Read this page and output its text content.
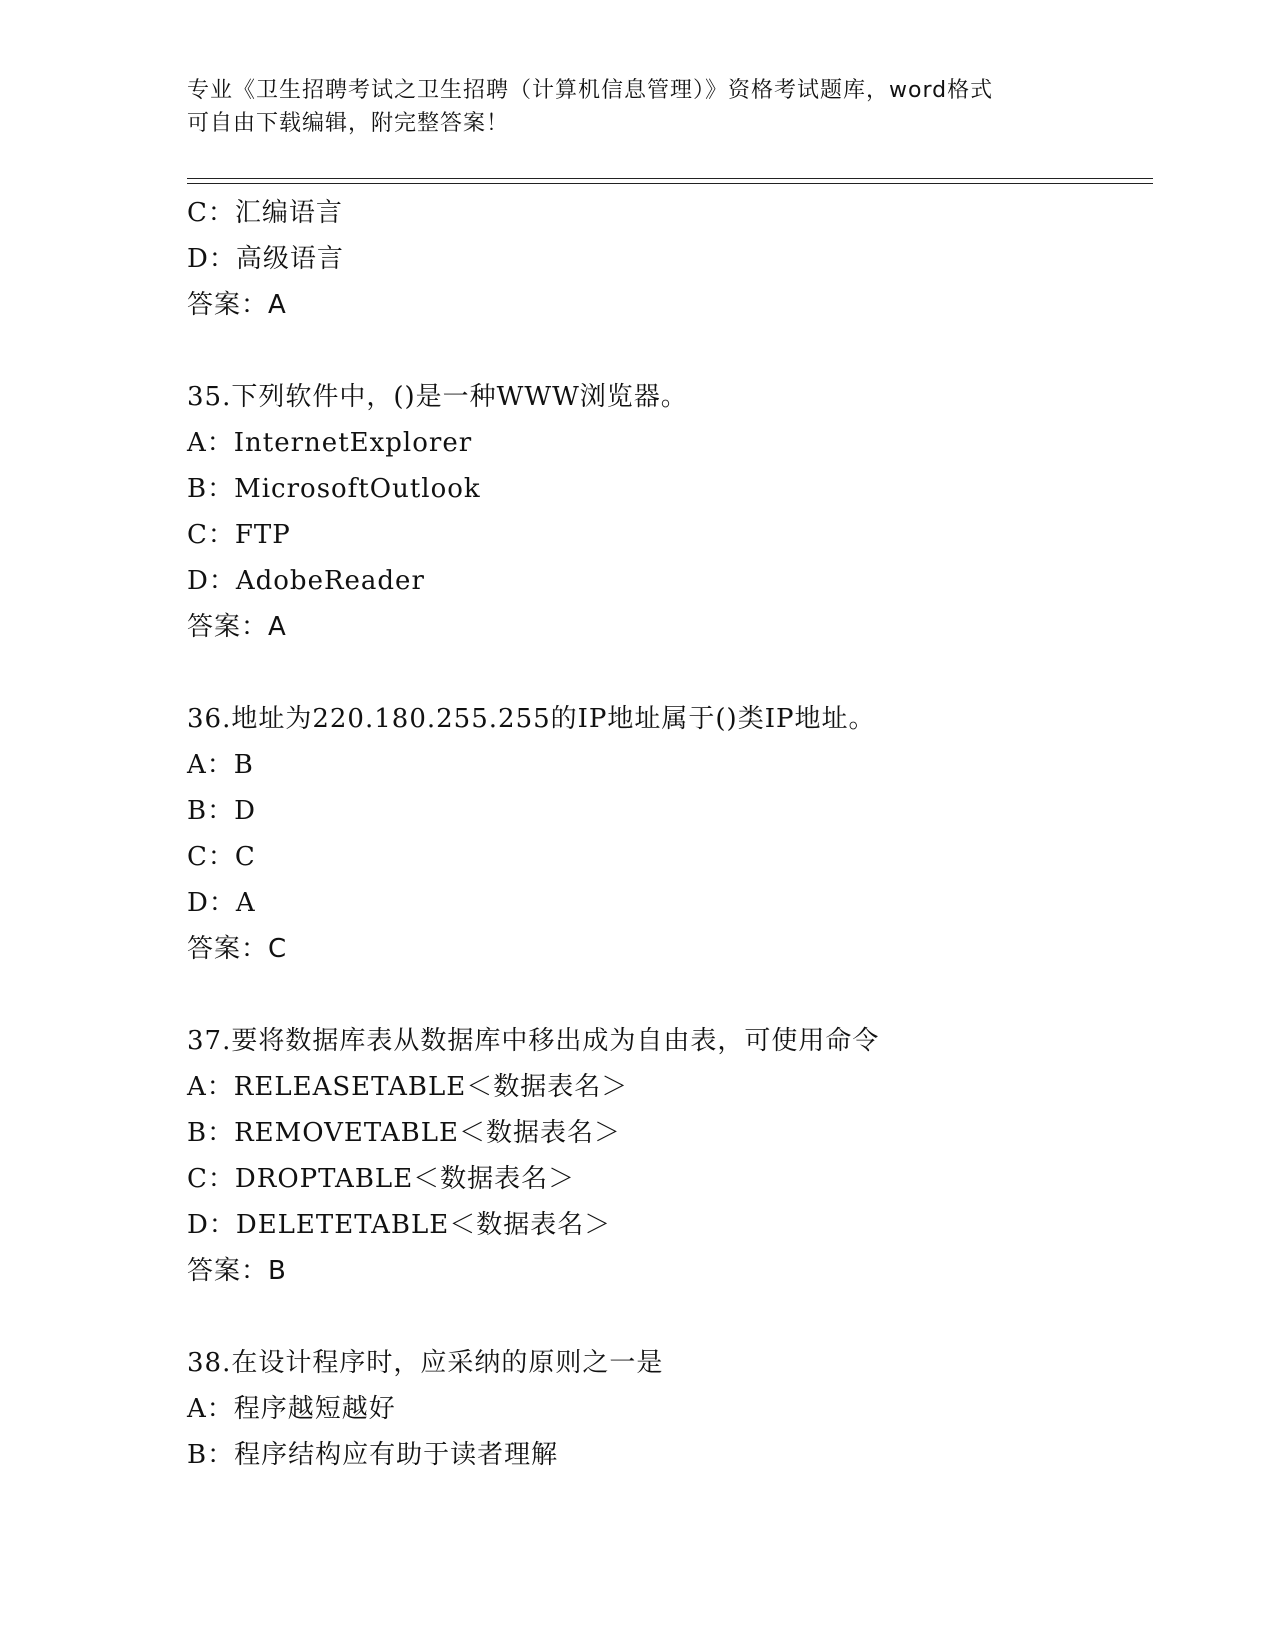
专业《卫生招聘考试之卫生招聘（计算机信息管理）》资格考试题库，word格式
可自由下载编辑，附完整答案！
C：汇编语言
D：高级语言
答案：A
35.下列软件中，()是一种WWW浏览器。
A：InternetExplorer
B：MicrosoftOutlook
C：FTP
D：AdobeReader
答案：A
36.地址为220.180.255.255的IP地址属于()类IP地址。
A：B
B：D
C：C
D：A
答案：C
37.要将数据库表从数据库中移出成为自由表，可使用命令
A：RELEASETABLE＜数据表名＞
B：REMOVETABLE＜数据表名＞
C：DROPTABLE＜数据表名＞
D：DELETETABLE＜数据表名＞
答案：B
38.在设计程序时，应采纳的原则之一是
A：程序越短越好
B：程序结构应有助于读者理解
